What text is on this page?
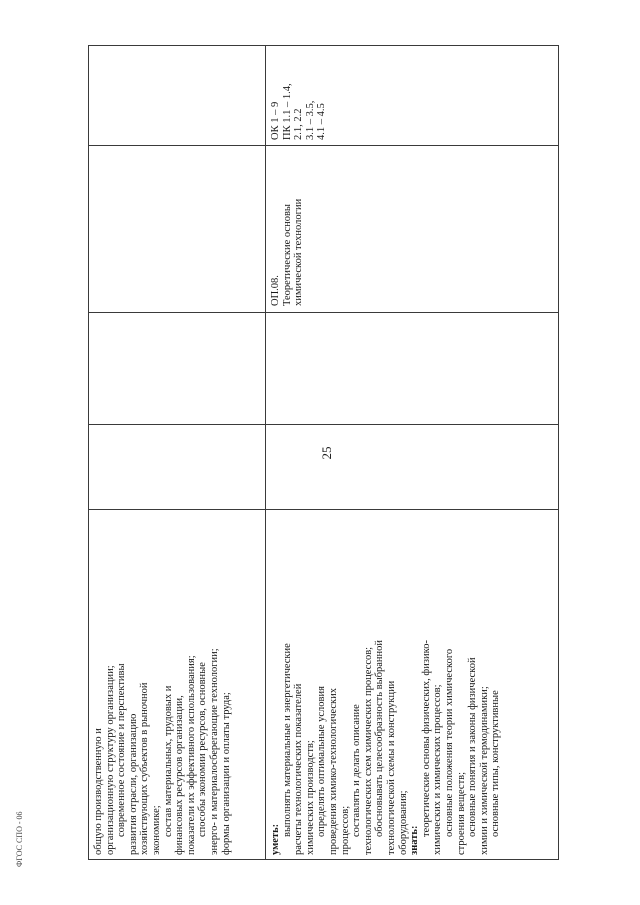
25
ФГОС СПО - 06	общую производственную и организационную структуру организации; современное состояние и перспективы развития отрасли, организацию хозяйствующих субъектов в рыночной экономике; состав материальных, трудовых и финансовых ресурсов организации, показатели их эффективного использования; способы экономии ресурсов, основные энерго- и материалосберегающие технологии; формы организации и оплаты труда;	уметь:
выполнять материальные и энергетические расчеты технологических показателей химических производств; определять оптимальные условия проведения химико-технологических процессов; составлять и делать описание технологических схем химических процессов; обосновывать целесообразность выбранной технологической схемы и конструкции оборудования; знать:
теоретические основы физических, физико- химических и химических процессов; основные положения теории химического строения веществ; основные понятия и законы физической химии и химической термодинамики; основные типы, конструктивные
ОП.08. Теоретические основы химической технологии
ОК 1 – 9 ПК 1.1 – 1.4, 2.1, 2.2 3.1 – 3.5, 4.1 – 4.5
